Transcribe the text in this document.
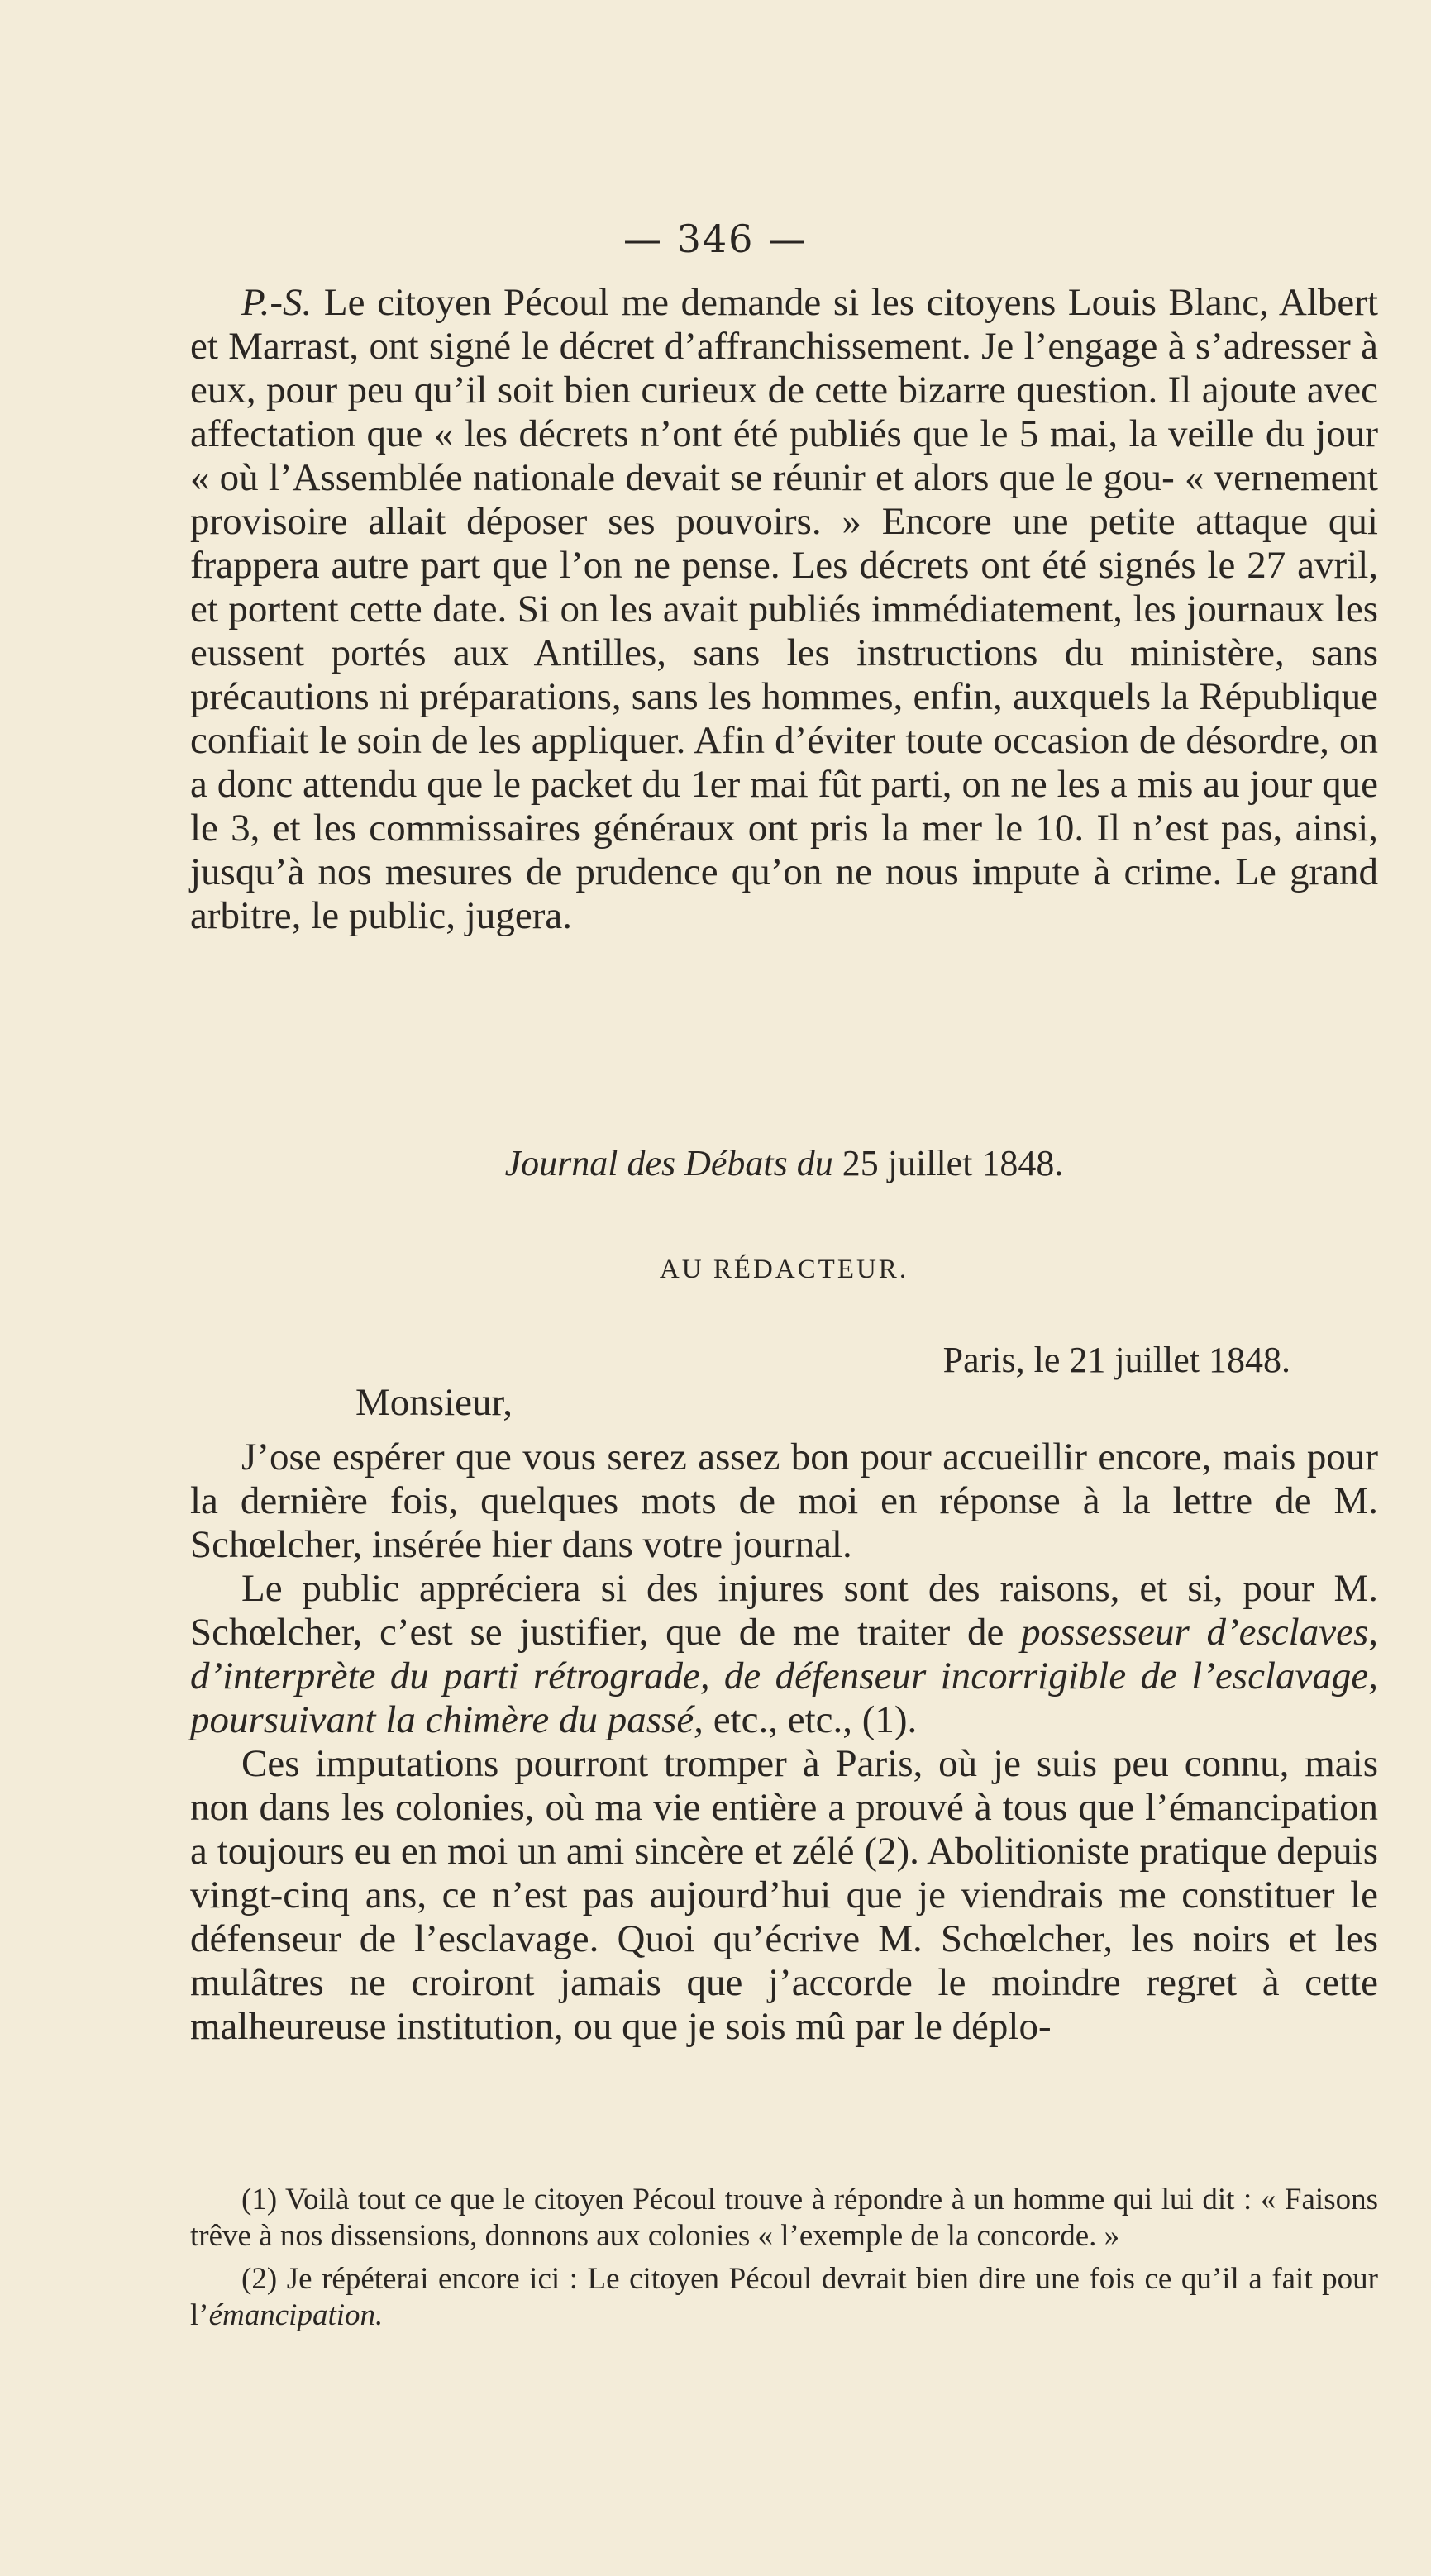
— 346 —

P.-S. Le citoyen Pécoul me demande si les citoyens Louis Blanc, Albert et Marrast, ont signé le décret d’affranchissement. Je l’engage à s’adresser à eux, pour peu qu’il soit bien curieux de cette bizarre question. Il ajoute avec affectation que « les décrets n’ont été publiés que le 5 mai, la veille du jour « où l’Assemblée nationale devait se réunir et alors que le gou- « vernement provisoire allait déposer ses pouvoirs. » Encore une petite attaque qui frappera autre part que l’on ne pense. Les décrets ont été signés le 27 avril, et portent cette date. Si on les avait publiés immédiatement, les journaux les eussent portés aux Antilles, sans les instructions du ministère, sans précautions ni préparations, sans les hommes, enfin, auxquels la République confiait le soin de les appliquer. Afin d’éviter toute occasion de désordre, on a donc attendu que le packet du 1er mai fût parti, on ne les a mis au jour que le 3, et les commissaires généraux ont pris la mer le 10. Il n’est pas, ainsi, jusqu’à nos mesures de prudence qu’on ne nous impute à crime. Le grand arbitre, le public, jugera.

Journal des Débats du 25 juillet 1848.
AU RÉDACTEUR.
Paris, le 21 juillet 1848.
Monsieur,

J’ose espérer que vous serez assez bon pour accueillir encore, mais pour la dernière fois, quelques mots de moi en réponse à la lettre de M. Schœlcher, insérée hier dans votre journal.

Le public appréciera si des injures sont des raisons, et si, pour M. Schœlcher, c’est se justifier, que de me traiter de possesseur d’esclaves, d’interprète du parti rétrograde, de défenseur incorrigible de l’esclavage, poursuivant la chimère du passé, etc., etc., (1).

Ces imputations pourront tromper à Paris, où je suis peu connu, mais non dans les colonies, où ma vie entière a prouvé à tous que l’émancipation a toujours eu en moi un ami sincère et zélé (2). Abolitioniste pratique depuis vingt-cinq ans, ce n’est pas aujourd’hui que je viendrais me constituer le défenseur de l’esclavage. Quoi qu’écrive M. Schœlcher, les noirs et les mulâtres ne croiront jamais que j’accorde le moindre regret à cette malheureuse institution, ou que je sois mû par le déplo-

(1) Voilà tout ce que le citoyen Pécoul trouve à répondre à un homme qui lui dit : « Faisons trêve à nos dissensions, donnons aux colonies « l’exemple de la concorde. »

(2) Je répéterai encore ici : Le citoyen Pécoul devrait bien dire une fois ce qu’il a fait pour l’émancipation.
